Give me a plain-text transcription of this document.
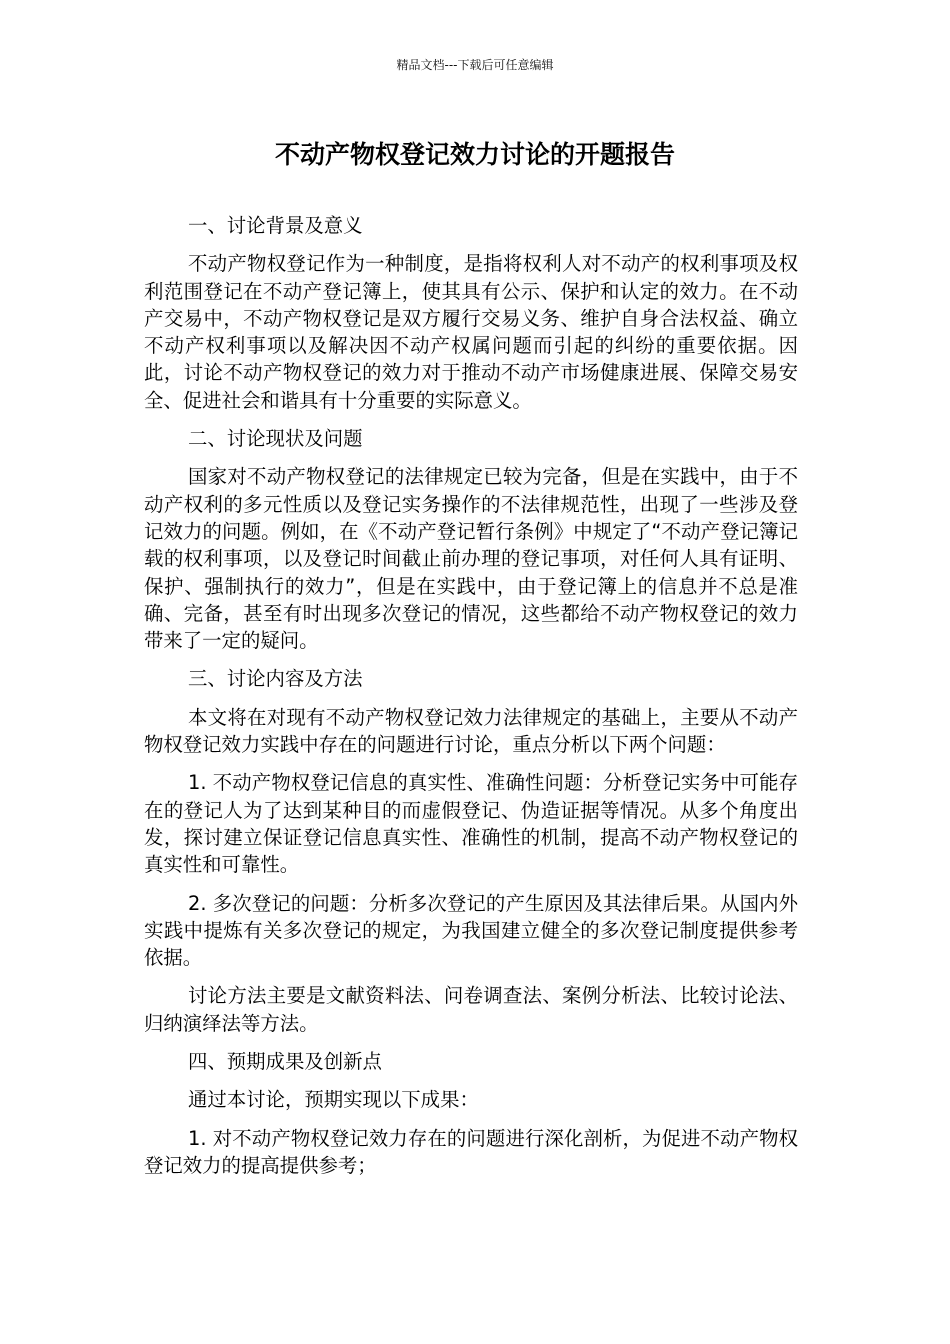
精品文档---下载后可任意编辑
不动产物权登记效力讨论的开题报告

一、讨论背景及意义

不动产物权登记作为一种制度，是指将权利人对不动产的权利事项及权利范围登记在不动产登记簿上，使其具有公示、保护和认定的效力。在不动产交易中，不动产物权登记是双方履行交易义务、维护自身合法权益、确立不动产权利事项以及解决因不动产权属问题而引起的纠纷的重要依据。因此，讨论不动产物权登记的效力对于推动不动产市场健康进展、保障交易安全、促进社会和谐具有十分重要的实际意义。

二、讨论现状及问题

国家对不动产物权登记的法律规定已较为完备，但是在实践中，由于不动产权利的多元性质以及登记实务操作的不法律规范性，出现了一些涉及登记效力的问题。例如，在《不动产登记暂行条例》中规定了“不动产登记簿记载的权利事项，以及登记时间截止前办理的登记事项，对任何人具有证明、保护、强制执行的效力”，但是在实践中，由于登记簿上的信息并不总是准确、完备，甚至有时出现多次登记的情况，这些都给不动产物权登记的效力带来了一定的疑问。

三、讨论内容及方法

本文将在对现有不动产物权登记效力法律规定的基础上，主要从不动产物权登记效力实践中存在的问题进行讨论，重点分析以下两个问题：

1. 不动产物权登记信息的真实性、准确性问题：分析登记实务中可能存在的登记人为了达到某种目的而虚假登记、伪造证据等情况。从多个角度出发，探讨建立保证登记信息真实性、准确性的机制，提高不动产物权登记的真实性和可靠性。

2. 多次登记的问题：分析多次登记的产生原因及其法律后果。从国内外实践中提炼有关多次登记的规定，为我国建立健全的多次登记制度提供参考依据。

讨论方法主要是文献资料法、问卷调查法、案例分析法、比较讨论法、归纳演绎法等方法。

四、预期成果及创新点

通过本讨论，预期实现以下成果：

1. 对不动产物权登记效力存在的问题进行深化剖析，为促进不动产物权登记效力的提高提供参考；
